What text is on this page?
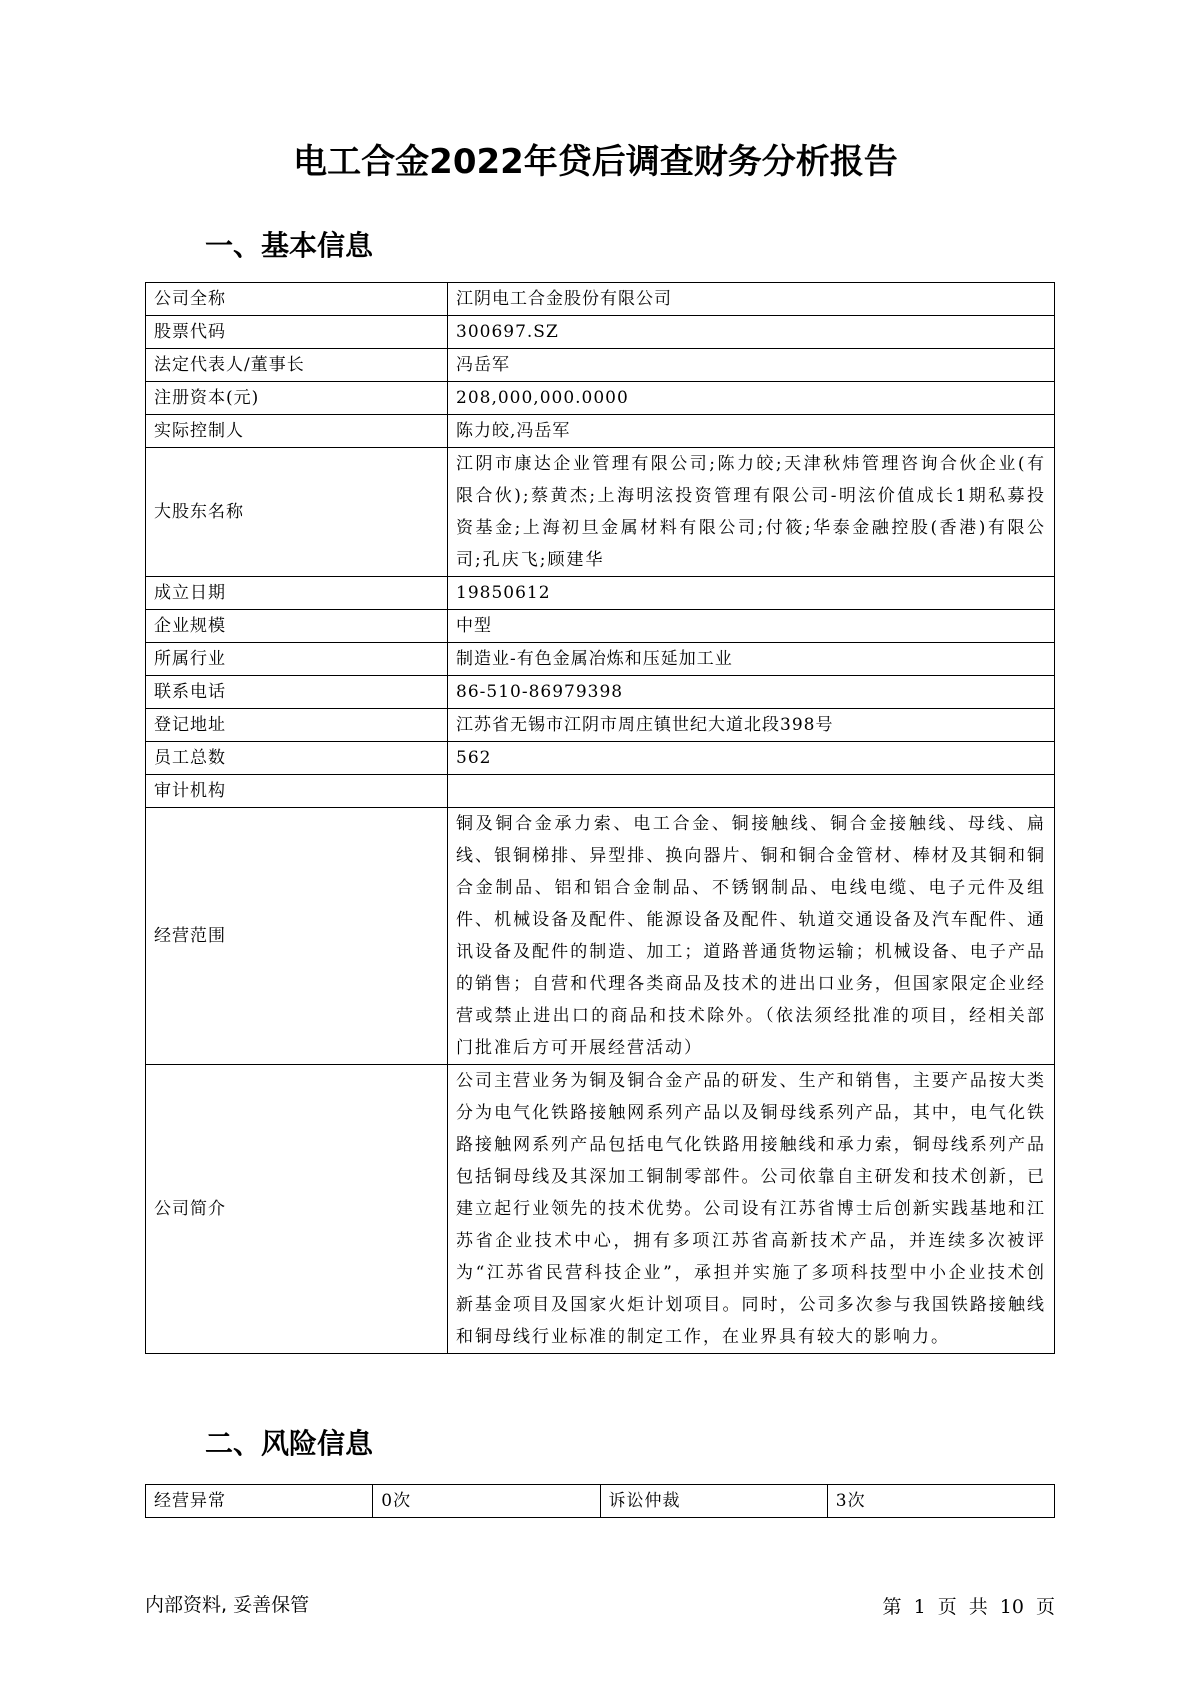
电工合金2022年贷后调查财务分析报告
一、基本信息
公司全称	江阴电工合金股份有限公司
股票代码	300697.SZ
法定代表人/董事长	冯岳军
注册资本(元)	208,000,000.0000
实际控制人	陈力皎,冯岳军
大股东名称	江阴市康达企业管理有限公司;陈力皎;天津秋炜管理咨询合伙企业(有限合伙);蔡黄杰;上海明泫投资管理有限公司-明泫价值成长1期私募投资基金;上海初旦金属材料有限公司;付筱;华泰金融控股(香港)有限公司;孔庆飞;顾建华
成立日期	19850612
企业规模	中型
所属行业	制造业-有色金属冶炼和压延加工业
联系电话	86-510-86979398
登记地址	江苏省无锡市江阴市周庄镇世纪大道北段398号
员工总数	562
审计机构	
经营范围	铜及铜合金承力索、电工合金、铜接触线、铜合金接触线、母线、扁线、银铜梯排、异型排、换向器片、铜和铜合金管材、棒材及其铜和铜合金制品、铝和铝合金制品、不锈钢制品、电线电缆、电子元件及组件、机械设备及配件、能源设备及配件、轨道交通设备及汽车配件、通讯设备及配件的制造、加工；道路普通货物运输；机械设备、电子产品的销售；自营和代理各类商品及技术的进出口业务，但国家限定企业经营或禁止进出口的商品和技术除外。（依法须经批准的项目，经相关部门批准后方可开展经营活动）
公司简介	公司主营业务为铜及铜合金产品的研发、生产和销售，主要产品按大类分为电气化铁路接触网系列产品以及铜母线系列产品，其中，电气化铁路接触网系列产品包括电气化铁路用接触线和承力索，铜母线系列产品包括铜母线及其深加工铜制零部件。公司依靠自主研发和技术创新，已建立起行业领先的技术优势。公司设有江苏省博士后创新实践基地和江苏省企业技术中心，拥有多项江苏省高新技术产品，并连续多次被评为“江苏省民营科技企业”，承担并实施了多项科技型中小企业技术创新基金项目及国家火炬计划项目。同时，公司多次参与我国铁路接触线和铜母线行业标准的制定工作，在业界具有较大的影响力。
二、风险信息
经营异常	0次	诉讼仲裁	3次
内部资料, 妥善保管	第 1 页 共 10 页
